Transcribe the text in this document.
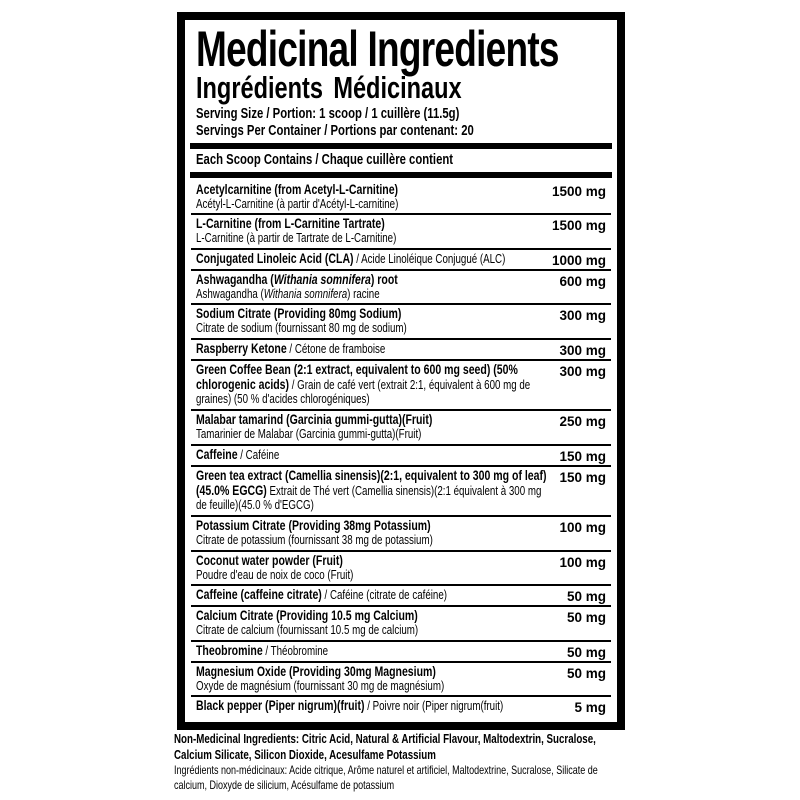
Medicinal Ingredients
Ingrédients Médicinaux
Serving Size / Portion: 1 scoop / 1 cuillère (11.5g)
Servings Per Container / Portions par contenant: 20
Each Scoop Contains / Chaque cuillère contient
Acetylcarnitine (from Acetyl-L-Carnitine)
Acétyl-L-Carnitine (à partir d'Acétyl-L-carnitine)
1500 mg
L-Carnitine (from L-Carnitine Tartrate)
L-Carnitine (à partir de Tartrate de L-Carnitine)
1500 mg
Conjugated Linoleic Acid (CLA) / Acide Linoléique Conjugué (ALC)	1000 mg
Ashwagandha (Withania somnifera) root
Ashwagandha (Withania somnifera) racine
600 mg
Sodium Citrate (Providing 80mg Sodium)
Citrate de sodium (fournissant 80 mg de sodium)
300 mg
Raspberry Ketone / Cétone de framboise	300 mg
Green Coffee Bean (2:1 extract, equivalent to 600 mg seed) (50% chlorogenic acids) / Grain de café vert (extrait 2:1, équivalent à 600 mg de graines) (50 % d'acides chlorogéniques)
300 mg
Malabar tamarind (Garcinia gummi-gutta)(Fruit)
Tamarinier de Malabar (Garcinia gummi-gutta)(Fruit)
250 mg
Caffeine / Caféine	150 mg
Green tea extract (Camellia sinensis)(2:1, equivalent to 300 mg of leaf)(45.0% EGCG) Extrait de Thé vert (Camellia sinensis)(2:1 équivalent à 300 mg de feuille)(45.0 % d'EGCG)
150 mg
Potassium Citrate (Providing 38mg Potassium)
Citrate de potassium (fournissant 38 mg de potassium)
100 mg
Coconut water powder (Fruit)
Poudre d'eau de noix de coco (Fruit)
100 mg
Caffeine (caffeine citrate) / Caféine (citrate de caféine)	50 mg
Calcium Citrate (Providing 10.5 mg Calcium)
Citrate de calcium (fournissant 10.5 mg de calcium)
50 mg
Theobromine / Théobromine	50 mg
Magnesium Oxide (Providing 30mg Magnesium)
Oxyde de magnésium (fournissant 30 mg de magnésium)
50 mg
Black pepper (Piper nigrum)(fruit) / Poivre noir (Piper nigrum(fruit)	5 mg
Non-Medicinal Ingredients: Citric Acid, Natural & Artificial Flavour, Maltodextrin, Sucralose, Calcium Silicate, Silicon Dioxide, Acesulfame Potassium
Ingrédients non-médicinaux: Acide citrique, Arôme naturel et artificiel, Maltodextrine, Sucralose, Silicate de calcium, Dioxyde de silicium, Acésulfame de potassium
